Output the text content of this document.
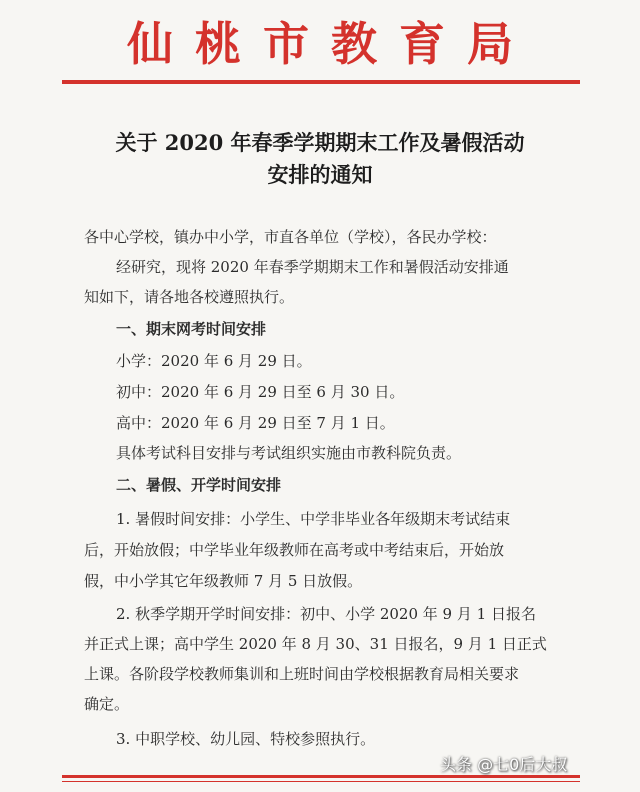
仙桃市教育局
关于 2020 年春季学期期末工作及暑假活动
安排的通知
各中心学校，镇办中小学，市直各单位（学校），各民办学校：
经研究，现将 2020 年春季学期期末工作和暑假活动安排通
知如下，请各地各校遵照执行。
一、期末网考时间安排
小学：2020 年 6 月 29 日。
初中：2020 年 6 月 29 日至 6 月 30 日。
高中：2020 年 6 月 29 日至 7 月 1 日。
具体考试科目安排与考试组织实施由市教科院负责。
二、暑假、开学时间安排
1. 暑假时间安排：小学生、中学非毕业各年级期末考试结束
后，开始放假；中学毕业年级教师在高考或中考结束后，开始放
假，中小学其它年级教师 7 月 5 日放假。
2. 秋季学期开学时间安排：初中、小学 2020 年 9 月 1 日报名
并正式上课；高中学生 2020 年 8 月 30、31 日报名，9 月 1 日正式
上课。各阶段学校教师集训和上班时间由学校根据教育局相关要求
确定。
3. 中职学校、幼儿园、特校参照执行。
头条 @七0后大叔
